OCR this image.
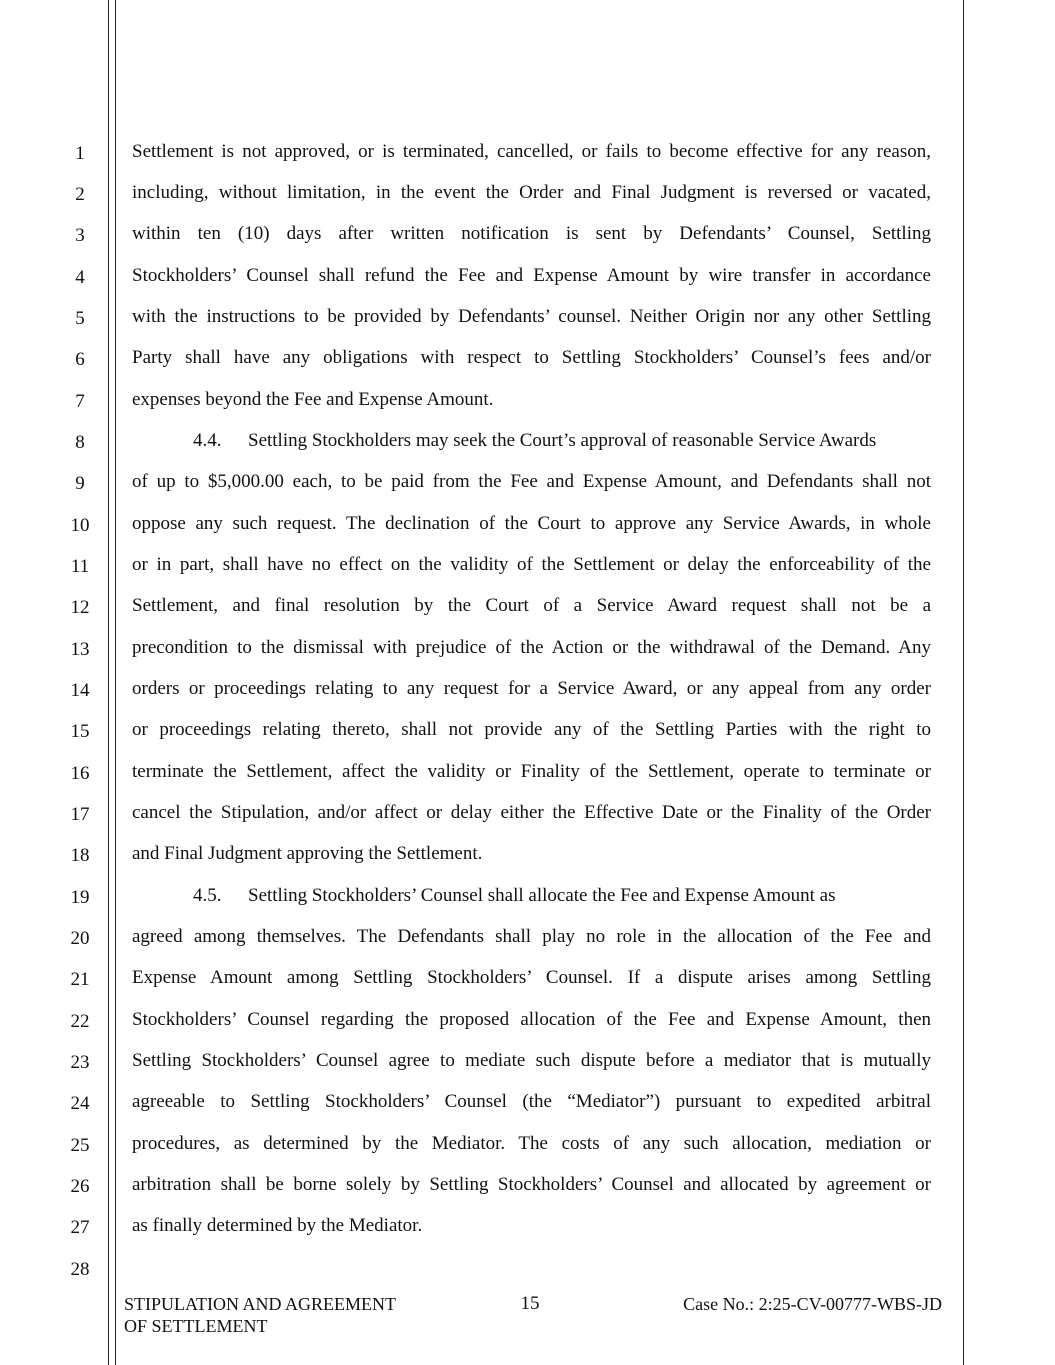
1
2
3
4
5
6
7
8
9
10
11
12
13
14
15
16
17
18
19
20
21
22
23
24
25
26
27
28
Settlement is not approved, or is terminated, cancelled, or fails to become effective for any reason,
including, without limitation, in the event the Order and Final Judgment is reversed or vacated,
within ten (10) days after written notification is sent by Defendants’ Counsel, Settling
Stockholders’ Counsel shall refund the Fee and Expense Amount by wire transfer in accordance
with the instructions to be provided by Defendants’ counsel. Neither Origin nor any other Settling
Party shall have any obligations with respect to Settling Stockholders’ Counsel’s fees and/or
expenses beyond the Fee and Expense Amount.
4.4. Settling Stockholders may seek the Court’s approval of reasonable Service Awards
of up to $5,000.00 each, to be paid from the Fee and Expense Amount, and Defendants shall not
oppose any such request. The declination of the Court to approve any Service Awards, in whole
or in part, shall have no effect on the validity of the Settlement or delay the enforceability of the
Settlement, and final resolution by the Court of a Service Award request shall not be a
precondition to the dismissal with prejudice of the Action or the withdrawal of the Demand. Any
orders or proceedings relating to any request for a Service Award, or any appeal from any order
or proceedings relating thereto, shall not provide any of the Settling Parties with the right to
terminate the Settlement, affect the validity or Finality of the Settlement, operate to terminate or
cancel the Stipulation, and/or affect or delay either the Effective Date or the Finality of the Order
and Final Judgment approving the Settlement.
4.5. Settling Stockholders’ Counsel shall allocate the Fee and Expense Amount as
agreed among themselves. The Defendants shall play no role in the allocation of the Fee and
Expense Amount among Settling Stockholders’ Counsel. If a dispute arises among Settling
Stockholders’ Counsel regarding the proposed allocation of the Fee and Expense Amount, then
Settling Stockholders’ Counsel agree to mediate such dispute before a mediator that is mutually
agreeable to Settling Stockholders’ Counsel (the “Mediator”) pursuant to expedited arbitral
procedures, as determined by the Mediator. The costs of any such allocation, mediation or
arbitration shall be borne solely by Settling Stockholders’ Counsel and allocated by agreement or
as finally determined by the Mediator.
STIPULATION AND AGREEMENT
OF SETTLEMENT
15	Case No.: 2:25-CV-00777-WBS-JD
